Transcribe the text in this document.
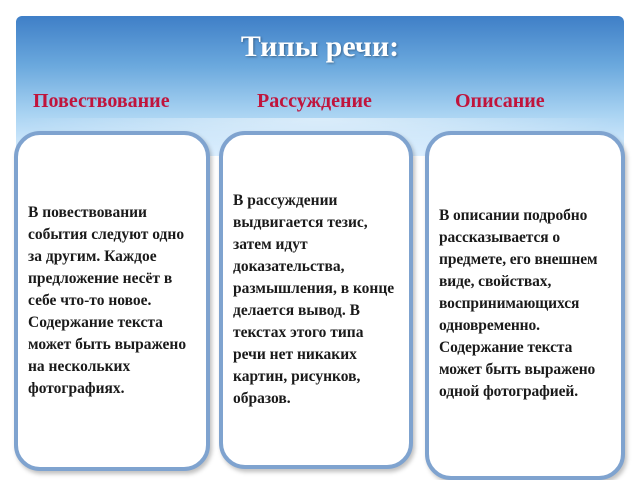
Типы речи:
Повествование	Рассуждение	Описание

В повествовании события следуют одно за другим. Каждое предложение несёт в себе что-то новое. Содержание текста может быть выражено на нескольких фотографиях.

В рассуждении выдвигается тезис, затем идут доказательства, размышления, в конце делается вывод. В текстах этого типа речи нет никаких картин, рисунков, образов.

В описании подробно рассказывается о предмете, его внешнем виде, свойствах, воспринимающихся одновременно. Содержание текста может быть выражено одной фотографией.
